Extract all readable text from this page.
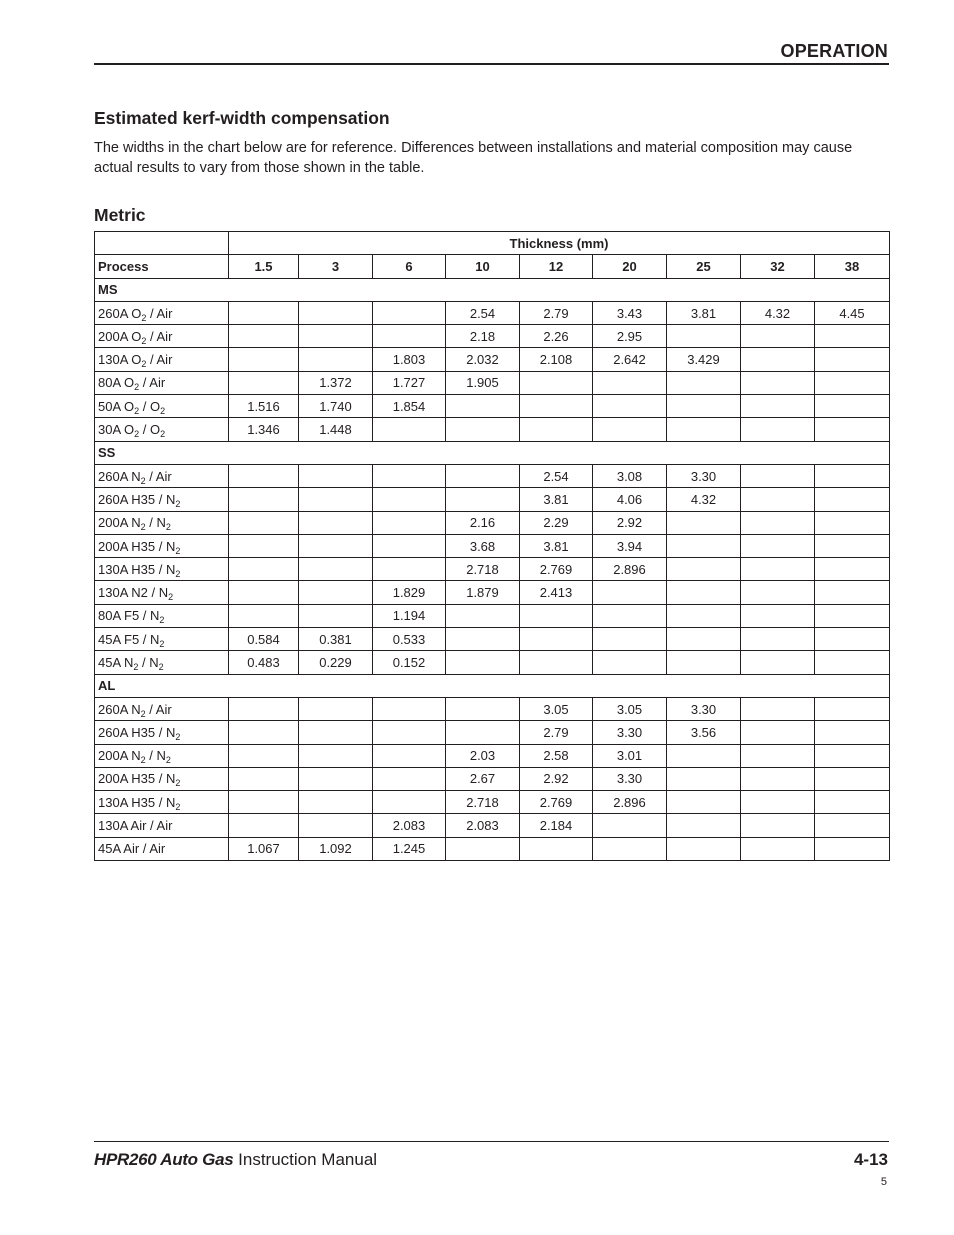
OPERATION
Estimated kerf-width compensation
The widths in the chart below are for reference. Differences between installations and material composition may cause actual results to vary from those shown in the table.
Metric
	Thickness (mm)								
Process	1.5	3	6	10	12	20	25	32	38
MS									
260A $O_2$ / Air				2.54	2.79	3.43	3.81	4.32	4.45
200A $O_2$ / Air				2.18	2.26	2.95			
130A $O_2$ / Air			1.803	2.032	2.108	2.642	3.429		
80A $O_2$ / Air		1.372	1.727	1.905					
50A $O_2 / O_2$	1.516	1.740	1.854						
30A $O_2 / O_2$	1.346	1.448							
SS									
260A $N_2$ / Air					2.54	3.08	3.30		
260A $H35 / N_2$					3.81	4.06	4.32		
200A $N_2 / N_2$				2.16	2.29	2.92			
200A $H35 / N_2$				3.68	3.81	3.94			
130A $H35 / N_2$				2.718	2.769	2.896			
130A $N2 / N_2$			1.829	1.879	2.413				
80A $F5 / N_2$			1.194						
45A $F5 / N_2$	0.584	0.381	0.533						
45A $N_2 / N_2$	0.483	0.229	0.152						
AL									
260A $N_2$ / Air					3.05	3.05	3.30		
260A $H35 / N_2$					2.79	3.30	3.56		
200A $N_2 / N_2$				2.03	2.58	3.01			
200A $H35 / N_2$				2.67	2.92	3.30			
130A $H35 / N_2$				2.718	2.769	2.896			
130A Air / Air			2.083	2.083	2.184				
45A Air / Air	1.067	1.092	1.245						
HPR260 Auto Gas Instruction Manual	4-13
5
